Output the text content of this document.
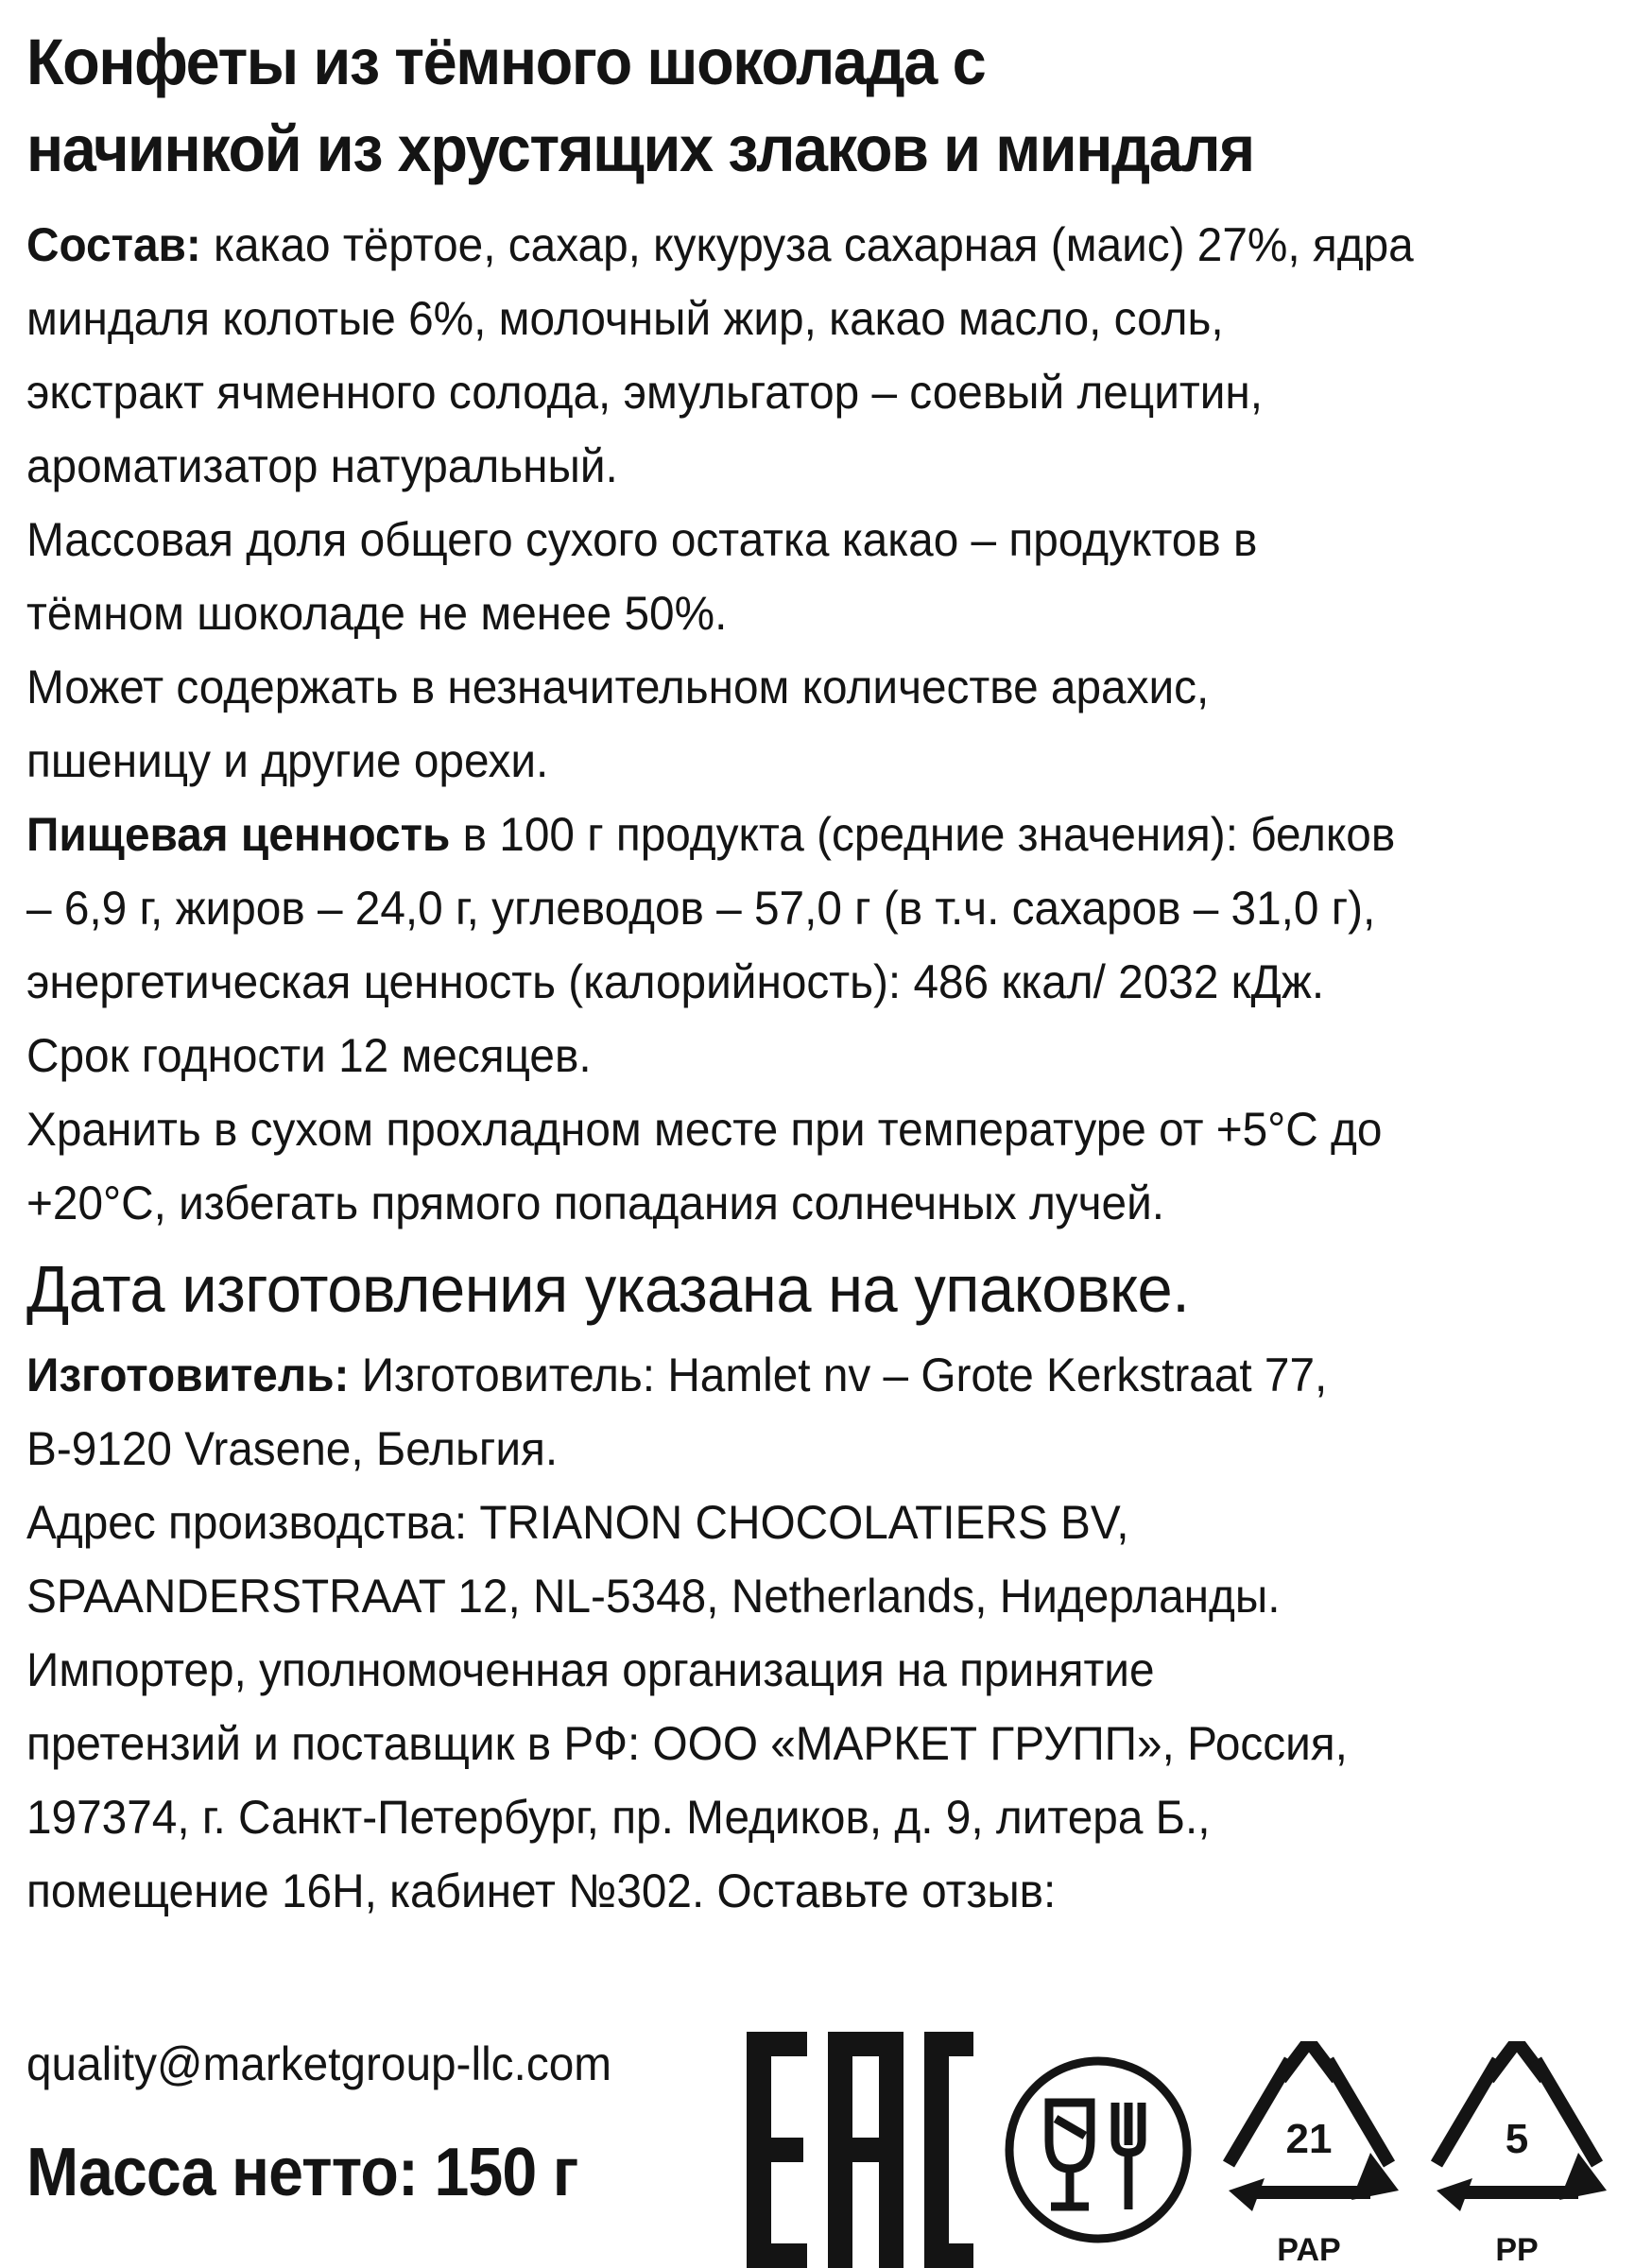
Конфеты из тёмного шоколада с
начинкой из хрустящих злаков и миндаля

Состав: какао тёртое, сахар, кукуруза сахарная (маис) 27%, ядра

миндаля колотые 6%, молочный жир, какао масло, соль,

экстракт ячменного солода, эмульгатор – соевый лецитин,

ароматизатор натуральный.

Массовая доля общего сухого остатка какао – продуктов в

тёмном шоколаде не менее 50%.

Может содержать в незначительном количестве арахис,

пшеницу и другие орехи.

Пищевая ценность в 100 г продукта (средние значения): белков

– 6,9 г, жиров – 24,0 г, углеводов – 57,0 г (в т.ч. сахаров – 31,0 г),

энергетическая ценность (калорийность): 486 ккал/ 2032 кДж.

Срок годности 12 месяцев.

Хранить в сухом прохладном месте при температуре от +5°С до

+20°С, избегать прямого попадания солнечных лучей.

Дата изготовления указана на упаковке.

Изготовитель: Изготовитель: Hamlet nv – Grote Kerkstraat 77,

B-9120 Vrasene, Бельгия.

Адрес производства: TRIANON CHOCOLATIERS BV,

SPAANDERSTRAAT 12, NL-5348, Netherlands, Нидерланды.

Импортер, уполномоченная организация на принятие

претензий и поставщик в РФ: ООО «МАРКЕТ ГРУПП», Россия,

197374, г. Санкт-Петербург, пр. Медиков, д. 9, литера Б.,

помещение 16Н, кабинет №302. Оставьте отзыв:

quality@marketgroup-llc.com
Масса нетто: 150 г	21
PAP
5
PP
